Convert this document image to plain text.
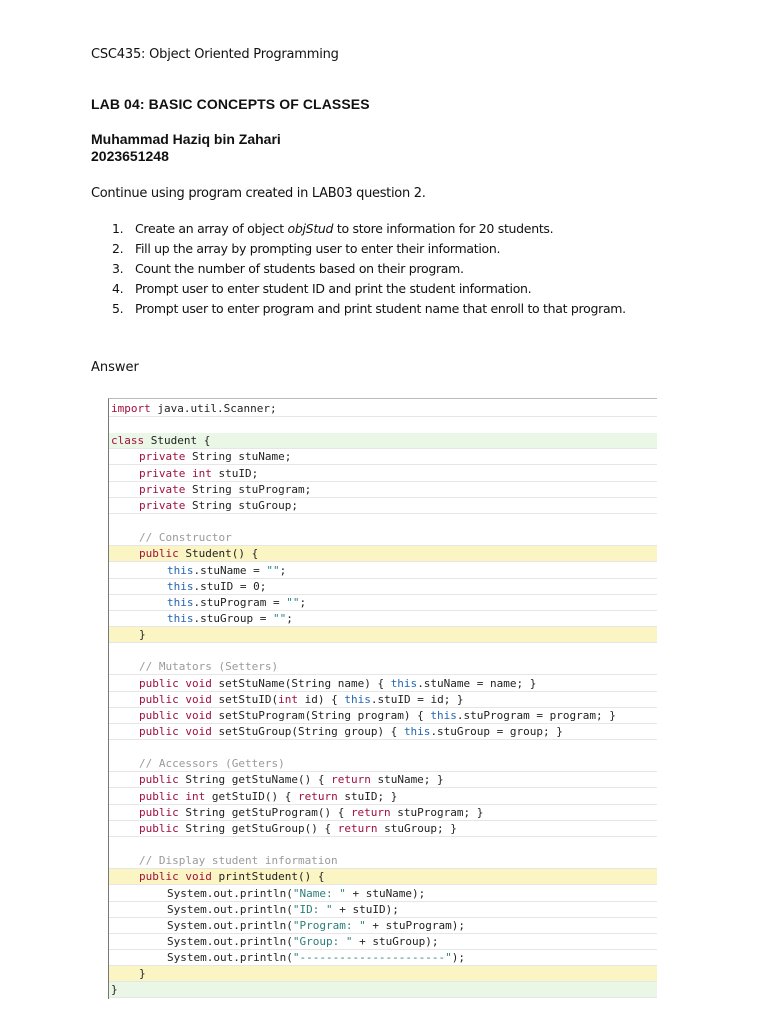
CSC435: Object Oriented Programming
LAB 04: BASIC CONCEPTS OF CLASSES
Muhammad Haziq bin Zahari
2023651248
Continue using program created in LAB03 question 2.
1. Create an array of object objStud to store information for 20 students.
2. Fill up the array by prompting user to enter their information.
3. Count the number of students based on their program.
4. Prompt user to enter student ID and print the student information.
5. Prompt user to enter program and print student name that enroll to that program.
Answer
import java.util.Scanner;
class Student {
private String stuName;
private int stuID;
private String stuProgram;
private String stuGroup;
// Constructor
public Student() {
this.stuName = "";
this.stuID = 0;
this.stuProgram = "";
this.stuGroup = "";
}
// Mutators (Setters)
public void setStuName(String name) { this.stuName = name; }
public void setStuID(int id) { this.stuID = id; }
public void setStuProgram(String program) { this.stuProgram = program; }
public void setStuGroup(String group) { this.stuGroup = group; }
// Accessors (Getters)
public String getStuName() { return stuName; }
public int getStuID() { return stuID; }
public String getStuProgram() { return stuProgram; }
public String getStuGroup() { return stuGroup; }
// Display student information
public void printStudent() {
System.out.println("Name: " + stuName);
System.out.println("ID: " + stuID);
System.out.println("Program: " + stuProgram);
System.out.println("Group: " + stuGroup);
System.out.println("----------------------");
}
}
